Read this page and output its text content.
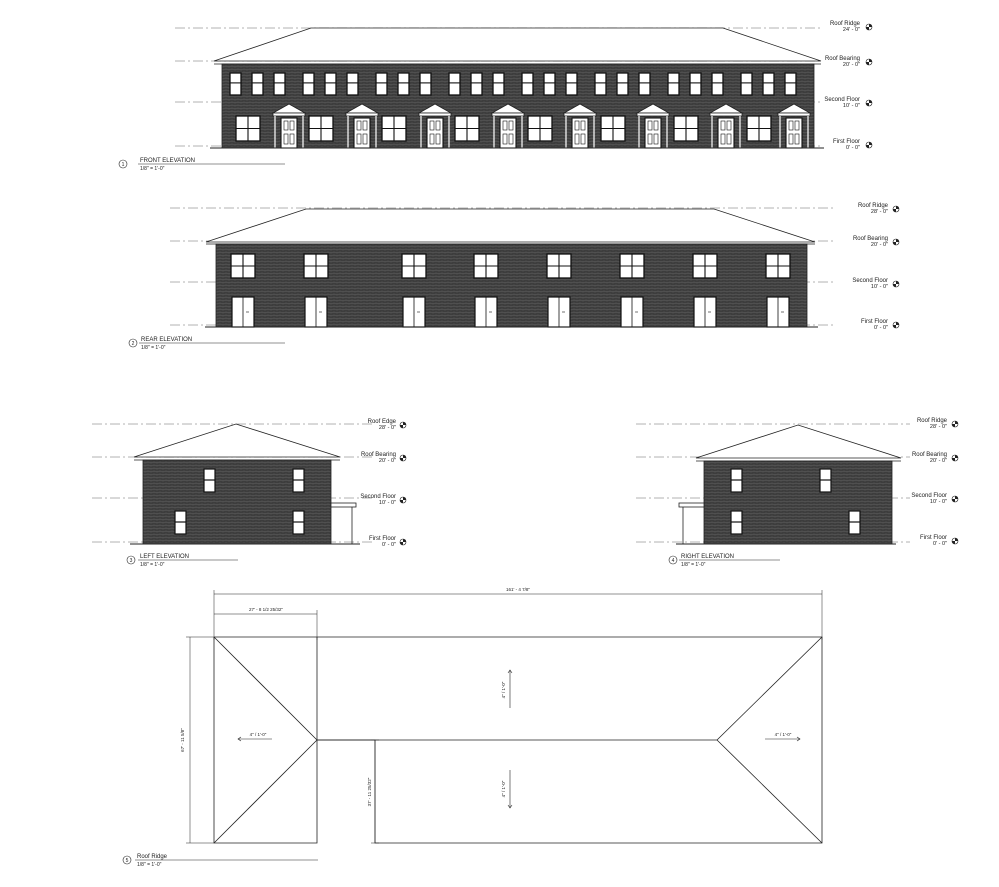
Roof Ridge
24' - 0"
Roof Bearing
20' - 0"
Second Floor
10' - 0"
First Floor
0' - 0"
1
FRONT ELEVATION
1/8" = 1'-0"
Roof Ridge
28' - 0"
Roof Bearing
20' - 0"
Second Floor
10' - 0"
First Floor
0' - 0"
2
REAR ELEVATION
1/8" = 1'-0"
Roof Edge
28' - 0"
Roof Bearing
20' - 0"
Second Floor
10' - 0"
First Floor
0' - 0"
3
LEFT ELEVATION
1/8" = 1'-0"
Roof Ridge
28' - 0"
Roof Bearing
20' - 0"
Second Floor
10' - 0"
First Floor
0' - 0"
4
RIGHT ELEVATION
1/8" = 1'-0"
161' - 4 7/8"
27' - 8 1/2 25/32"
67' - 11 5/8"
37' - 11 25/32"
4" / 1'-0"
4" / 1'-0"
4" / 1'-0"
4" / 1'-0"
5
Roof Ridge
1/8" = 1'-0"
